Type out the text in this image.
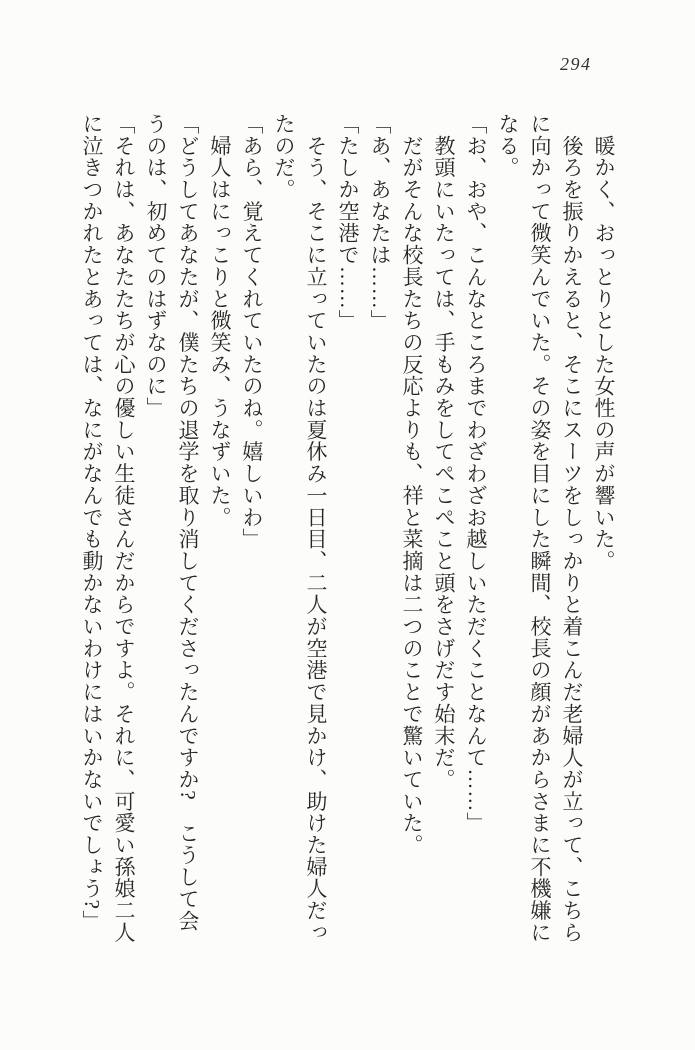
294
　暖かく、おっとりとした女性の声が響いた。
　後ろを振りかえると、そこにスーツをしっかりと着こんだ老婦人が立って、こちら
に向かって微笑んでいた。その姿を目にした瞬間、校長の顔があからさまに不機嫌に
なる。
「お、おや、こんなところまでわざわざお越しいただくことなんて……」
　教頭にいたっては、手もみをしてぺこぺこと頭をさげだす始末だ。
　だがそんな校長たちの反応よりも、祥と菜摘は二つのことで驚いていた。
「あ、あなたは……」
「たしか空港で……」
　そう、そこに立っていたのは夏休み一日目、二人が空港で見かけ、助けた婦人だっ
たのだ。
「あら、覚えてくれていたのね。嬉しいわ」
　婦人はにっこりと微笑み、うなずいた。
「どうしてあなたが、僕たちの退学を取り消してくださったんですか?　こうして会
うのは、初めてのはずなのに」
「それは、あなたたちが心の優しい生徒さんだからですよ。それに、可愛い孫娘二人
に泣きつかれたとあっては、なにがなんでも動かないわけにはいかないでしょう?」
